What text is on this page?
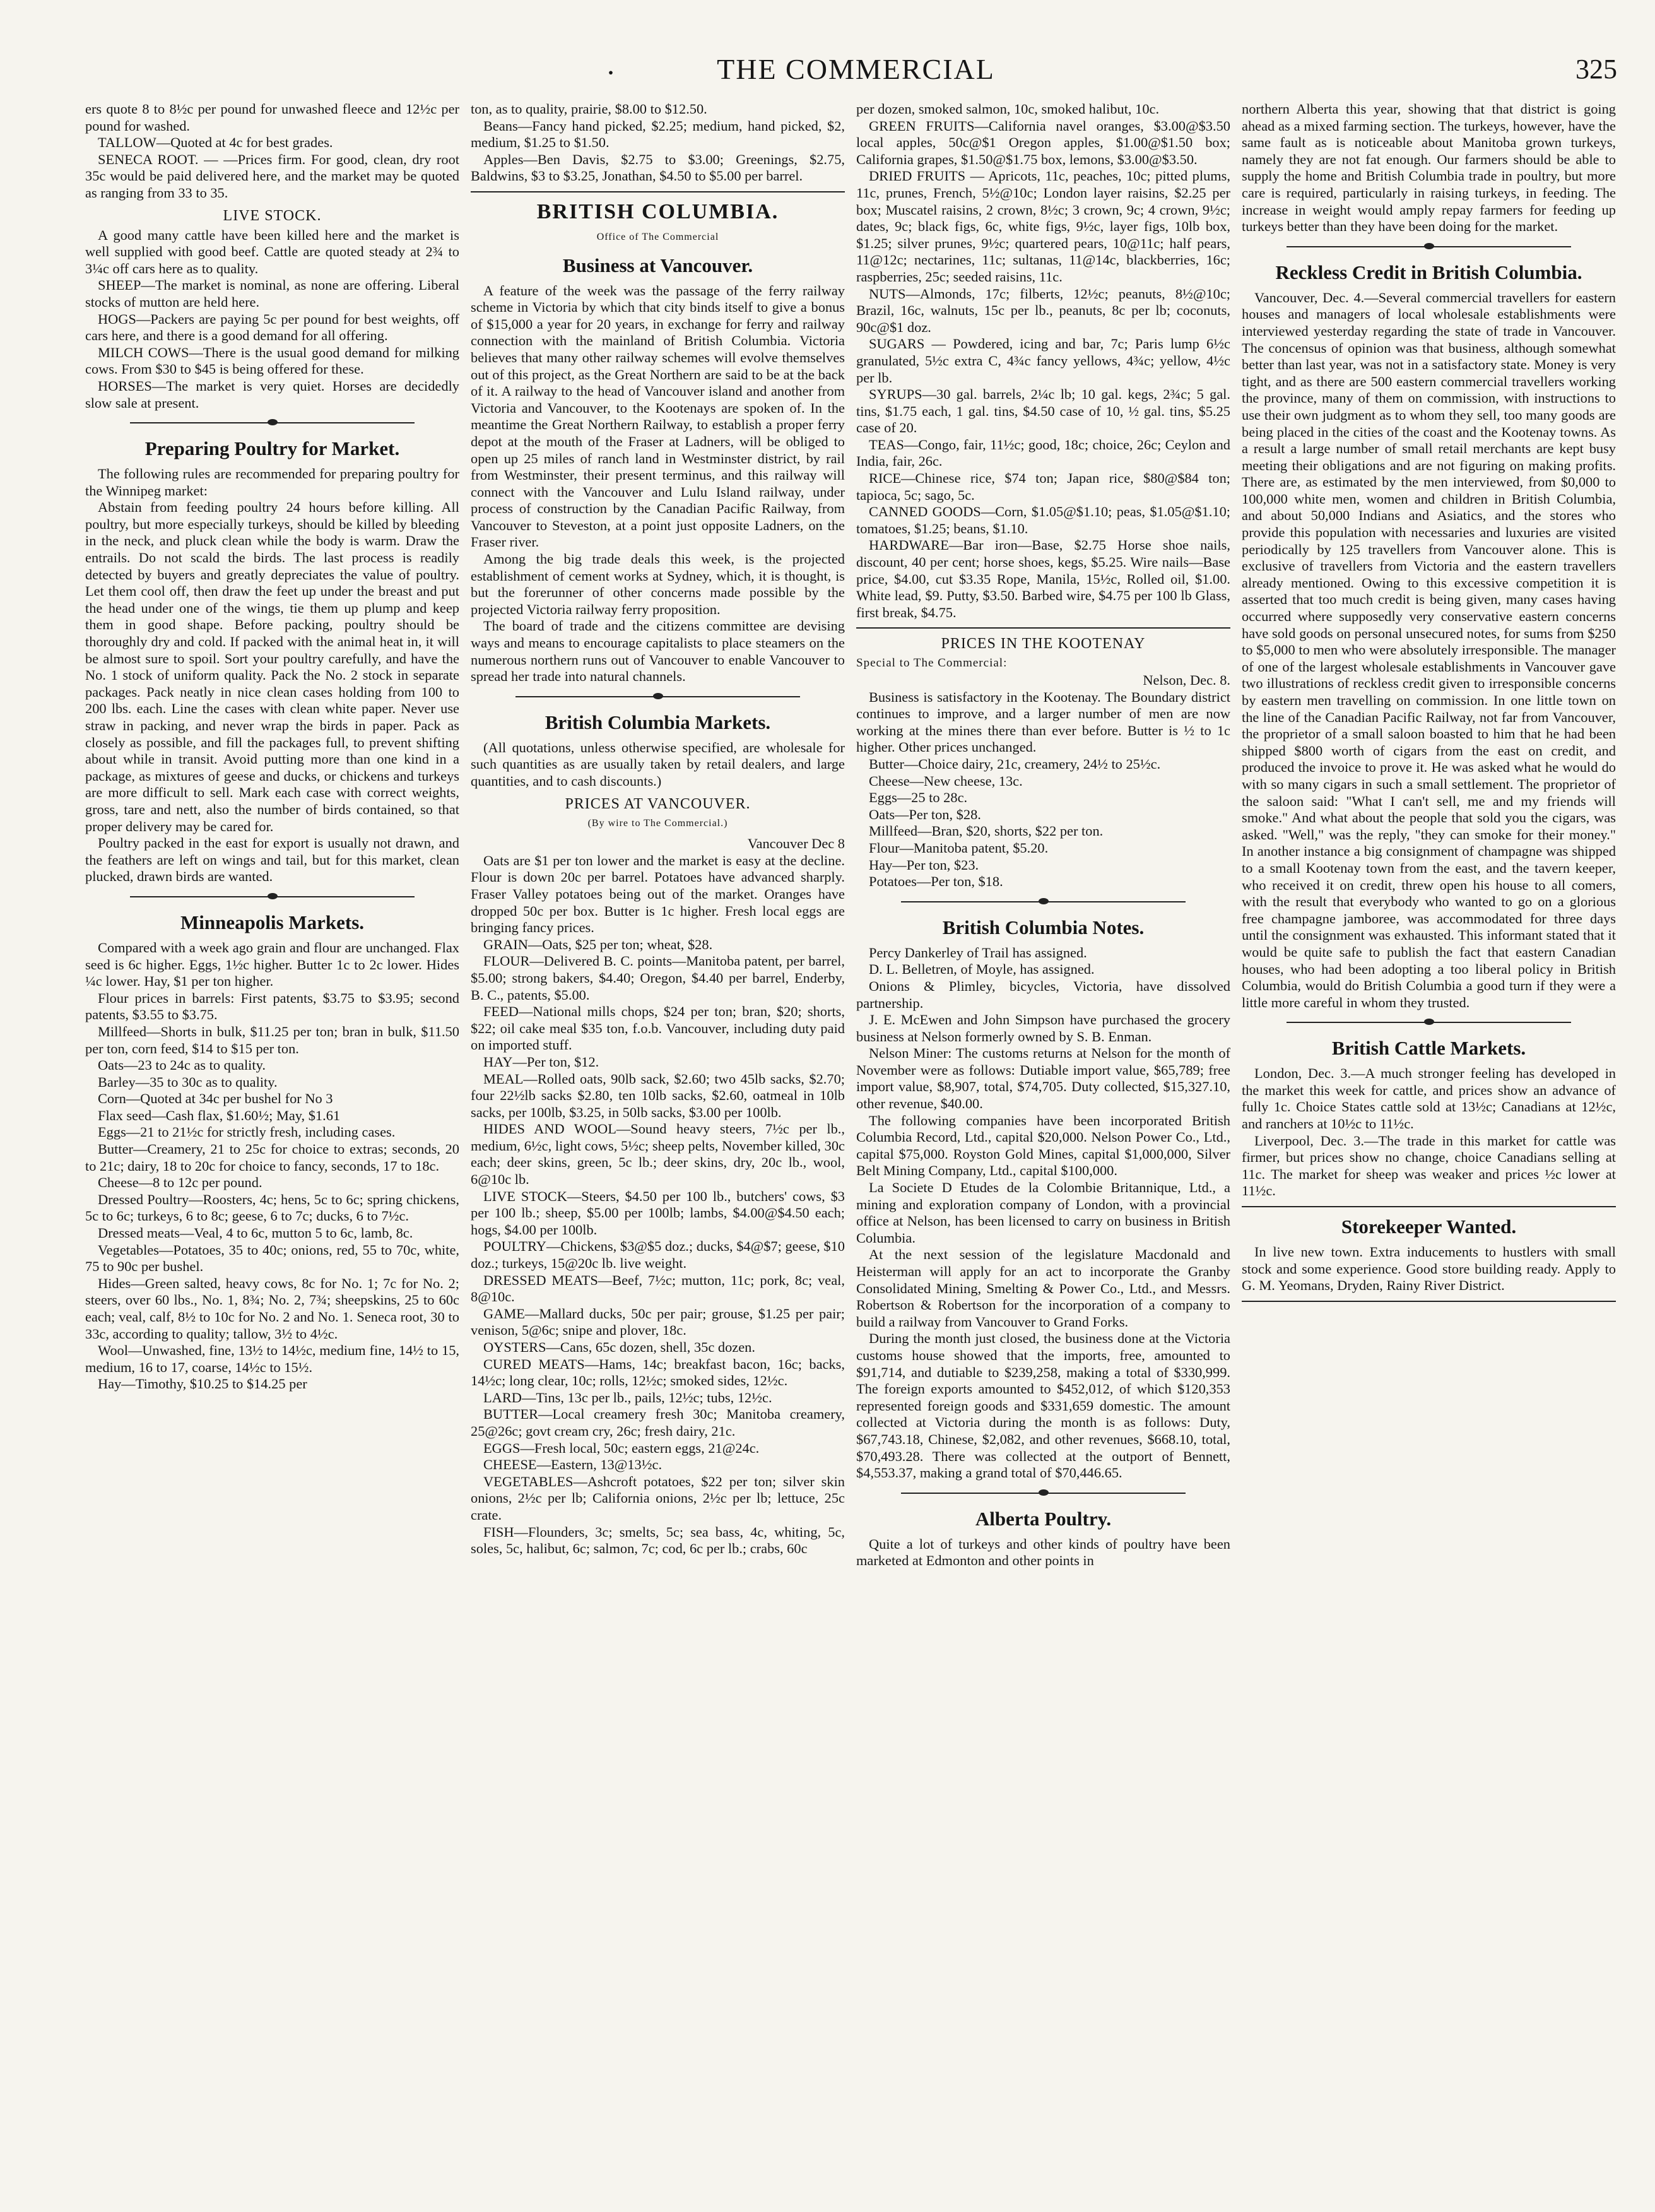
·	THE COMMERCIAL	325

ers quote 8 to 8½c per pound for unwashed fleece and 12½c per pound for washed.

TALLOW—Quoted at 4c for best grades.

SENECA ROOT. — —Prices firm. For good, clean, dry root 35c would be paid delivered here, and the market may be quoted as ranging from 33 to 35.

LIVE STOCK.

A good many cattle have been killed here and the market is well supplied with good beef. Cattle are quoted steady at 2¾ to 3¼c off cars here as to quality.

SHEEP—The market is nominal, as none are offering. Liberal stocks of mutton are held here.

HOGS—Packers are paying 5c per pound for best weights, off cars here, and there is a good demand for all offering.

MILCH COWS—There is the usual good demand for milking cows. From $30 to $45 is being offered for these.

HORSES—The market is very quiet. Horses are decidedly slow sale at present.

Preparing Poultry for Market.

The following rules are recommended for preparing poultry for the Winnipeg market:

Abstain from feeding poultry 24 hours before killing. All poultry, but more especially turkeys, should be killed by bleeding in the neck, and pluck clean while the body is warm. Draw the entrails. Do not scald the birds. The last process is readily detected by buyers and greatly depreciates the value of poultry. Let them cool off, then draw the feet up under the breast and put the head under one of the wings, tie them up plump and keep them in good shape. Before packing, poultry should be thoroughly dry and cold. If packed with the animal heat in, it will be almost sure to spoil. Sort your poultry carefully, and have the No. 1 stock of uniform quality. Pack the No. 2 stock in separate packages. Pack neatly in nice clean cases holding from 100 to 200 lbs. each. Line the cases with clean white paper. Never use straw in packing, and never wrap the birds in paper. Pack as closely as possible, and fill the packages full, to prevent shifting about while in transit. Avoid putting more than one kind in a package, as mixtures of geese and ducks, or chickens and turkeys are more difficult to sell. Mark each case with correct weights, gross, tare and nett, also the number of birds contained, so that proper delivery may be cared for.

Poultry packed in the east for export is usually not drawn, and the feathers are left on wings and tail, but for this market, clean plucked, drawn birds are wanted.

Minneapolis Markets.

Compared with a week ago grain and flour are unchanged. Flax seed is 6c higher. Eggs, 1½c higher. Butter 1c to 2c lower. Hides ¼c lower. Hay, $1 per ton higher.

Flour prices in barrels: First patents, $3.75 to $3.95; second patents, $3.55 to $3.75.

Millfeed—Shorts in bulk, $11.25 per ton; bran in bulk, $11.50 per ton, corn feed, $14 to $15 per ton.

Oats—23 to 24c as to quality.

Barley—35 to 30c as to quality.

Corn—Quoted at 34c per bushel for No 3

Flax seed—Cash flax, $1.60½; May, $1.61

Eggs—21 to 21½c for strictly fresh, including cases.

Butter—Creamery, 21 to 25c for choice to extras; seconds, 20 to 21c; dairy, 18 to 20c for choice to fancy, seconds, 17 to 18c.

Cheese—8 to 12c per pound.

Dressed Poultry—Roosters, 4c; hens, 5c to 6c; spring chickens, 5c to 6c; turkeys, 6 to 8c; geese, 6 to 7c; ducks, 6 to 7½c.

Dressed meats—Veal, 4 to 6c, mutton 5 to 6c, lamb, 8c.

Vegetables—Potatoes, 35 to 40c; onions, red, 55 to 70c, white, 75 to 90c per bushel.

Hides—Green salted, heavy cows, 8c for No. 1; 7c for No. 2; steers, over 60 lbs., No. 1, 8¾; No. 2, 7¾; sheepskins, 25 to 60c each; veal, calf, 8½ to 10c for No. 2 and No. 1. Seneca root, 30 to 33c, according to quality; tallow, 3½ to 4½c.

Wool—Unwashed, fine, 13½ to 14½c, medium fine, 14½ to 15, medium, 16 to 17, coarse, 14½c to 15½.

Hay—Timothy, $10.25 to $14.25 per

ton, as to quality, prairie, $8.00 to $12.50.

Beans—Fancy hand picked, $2.25; medium, hand picked, $2, medium, $1.25 to $1.50.

Apples—Ben Davis, $2.75 to $3.00; Greenings, $2.75, Baldwins, $3 to $3.25, Jonathan, $4.50 to $5.00 per barrel.

BRITISH COLUMBIA.
Office of The Commercial
Business at Vancouver.

A feature of the week was the passage of the ferry railway scheme in Victoria by which that city binds itself to give a bonus of $15,000 a year for 20 years, in exchange for ferry and railway connection with the mainland of British Columbia. Victoria believes that many other railway schemes will evolve themselves out of this project, as the Great Northern are said to be at the back of it. A railway to the head of Vancouver island and another from Victoria and Vancouver, to the Kootenays are spoken of. In the meantime the Great Northern Railway, to establish a proper ferry depot at the mouth of the Fraser at Ladners, will be obliged to open up 25 miles of ranch land in Westminster district, by rail from Westminster, their present terminus, and this railway will connect with the Vancouver and Lulu Island railway, under process of construction by the Canadian Pacific Railway, from Vancouver to Steveston, at a point just opposite Ladners, on the Fraser river.

Among the big trade deals this week, is the projected establishment of cement works at Sydney, which, it is thought, is but the forerunner of other concerns made possible by the projected Victoria railway ferry proposition.

The board of trade and the citizens committee are devising ways and means to encourage capitalists to place steamers on the numerous northern runs out of Vancouver to enable Vancouver to spread her trade into natural channels.

British Columbia Markets.

(All quotations, unless otherwise specified, are wholesale for such quantities as are usually taken by retail dealers, and large quantities, and to cash discounts.)

PRICES AT VANCOUVER.
(By wire to The Commercial.)

Vancouver Dec 8

Oats are $1 per ton lower and the market is easy at the decline. Flour is down 20c per barrel. Potatoes have advanced sharply. Fraser Valley potatoes being out of the market. Oranges have dropped 50c per box. Butter is 1c higher. Fresh local eggs are bringing fancy prices.

GRAIN—Oats, $25 per ton; wheat, $28.

FLOUR—Delivered B. C. points—Manitoba patent, per barrel, $5.00; strong bakers, $4.40; Oregon, $4.40 per barrel, Enderby, B. C., patents, $5.00.

FEED—National mills chops, $24 per ton; bran, $20; shorts, $22; oil cake meal $35 ton, f.o.b. Vancouver, including duty paid on imported stuff.

HAY—Per ton, $12.

MEAL—Rolled oats, 90lb sack, $2.60; two 45lb sacks, $2.70; four 22½lb sacks $2.80, ten 10lb sacks, $2.60, oatmeal in 10lb sacks, per 100lb, $3.25, in 50lb sacks, $3.00 per 100lb.

HIDES AND WOOL—Sound heavy steers, 7½c per lb., medium, 6½c, light cows, 5½c; sheep pelts, November killed, 30c each; deer skins, green, 5c lb.; deer skins, dry, 20c lb., wool, 6@10c lb.

LIVE STOCK—Steers, $4.50 per 100 lb., butchers' cows, $3 per 100 lb.; sheep, $5.00 per 100lb; lambs, $4.00@$4.50 each; hogs, $4.00 per 100lb.

POULTRY—Chickens, $3@$5 doz.; ducks, $4@$7; geese, $10 doz.; turkeys, 15@20c lb. live weight.

DRESSED MEATS—Beef, 7½c; mutton, 11c; pork, 8c; veal, 8@10c.

GAME—Mallard ducks, 50c per pair; grouse, $1.25 per pair; venison, 5@6c; snipe and plover, 18c.

OYSTERS—Cans, 65c dozen, shell, 35c dozen.

CURED MEATS—Hams, 14c; breakfast bacon, 16c; backs, 14½c; long clear, 10c; rolls, 12½c; smoked sides, 12½c.

LARD—Tins, 13c per lb., pails, 12½c; tubs, 12½c.

BUTTER—Local creamery fresh 30c; Manitoba creamery, 25@26c; govt cream cry, 26c; fresh dairy, 21c.

EGGS—Fresh local, 50c; eastern eggs, 21@24c.

CHEESE—Eastern, 13@13½c.

VEGETABLES—Ashcroft potatoes, $22 per ton; silver skin onions, 2½c per lb; California onions, 2½c per lb; lettuce, 25c crate.

FISH—Flounders, 3c; smelts, 5c; sea bass, 4c, whiting, 5c, soles, 5c, halibut, 6c; salmon, 7c; cod, 6c per lb.; crabs, 60c

per dozen, smoked salmon, 10c, smoked halibut, 10c.

GREEN FRUITS—California navel oranges, $3.00@$3.50 local apples, 50c@$1 Oregon apples, $1.00@$1.50 box; California grapes, $1.50@$1.75 box, lemons, $3.00@$3.50.

DRIED FRUITS — Apricots, 11c, peaches, 10c; pitted plums, 11c, prunes, French, 5½@10c; London layer raisins, $2.25 per box; Muscatel raisins, 2 crown, 8½c; 3 crown, 9c; 4 crown, 9½c; dates, 9c; black figs, 6c, white figs, 9½c, layer figs, 10lb box, $1.25; silver prunes, 9½c; quartered pears, 10@11c; half pears, 11@12c; nectarines, 11c; sultanas, 11@14c, blackberries, 16c; raspberries, 25c; seeded raisins, 11c.

NUTS—Almonds, 17c; filberts, 12½c; peanuts, 8½@10c; Brazil, 16c, walnuts, 15c per lb., peanuts, 8c per lb; coconuts, 90c@$1 doz.

SUGARS — Powdered, icing and bar, 7c; Paris lump 6½c granulated, 5½c extra C, 4¾c fancy yellows, 4¾c; yellow, 4½c per lb.

SYRUPS—30 gal. barrels, 2¼c lb; 10 gal. kegs, 2¾c; 5 gal. tins, $1.75 each, 1 gal. tins, $4.50 case of 10, ½ gal. tins, $5.25 case of 20.

TEAS—Congo, fair, 11½c; good, 18c; choice, 26c; Ceylon and India, fair, 26c.

RICE—Chinese rice, $74 ton; Japan rice, $80@$84 ton; tapioca, 5c; sago, 5c.

CANNED GOODS—Corn, $1.05@$1.10; peas, $1.05@$1.10; tomatoes, $1.25; beans, $1.10.

HARDWARE—Bar iron—Base, $2.75 Horse shoe nails, discount, 40 per cent; horse shoes, kegs, $5.25. Wire nails—Base price, $4.00, cut $3.35 Rope, Manila, 15½c, Rolled oil, $1.00. White lead, $9. Putty, $3.50. Barbed wire, $4.75 per 100 lb Glass, first break, $4.75.

PRICES IN THE KOOTENAY

Special to The Commercial:

Nelson, Dec. 8.

Business is satisfactory in the Kootenay. The Boundary district continues to improve, and a larger number of men are now working at the mines there than ever before. Butter is ½ to 1c higher. Other prices unchanged.

Butter—Choice dairy, 21c, creamery, 24½ to 25½c.

Cheese—New cheese, 13c.

Eggs—25 to 28c.

Oats—Per ton, $28.

Millfeed—Bran, $20, shorts, $22 per ton.

Flour—Manitoba patent, $5.20.

Hay—Per ton, $23.

Potatoes—Per ton, $18.

British Columbia Notes.

Percy Dankerley of Trail has assigned.

D. L. Belletren, of Moyle, has assigned.

Onions & Plimley, bicycles, Victoria, have dissolved partnership.

J. E. McEwen and John Simpson have purchased the grocery business at Nelson formerly owned by S. B. Enman.

Nelson Miner: The customs returns at Nelson for the month of November were as follows: Dutiable import value, $65,789; free import value, $8,907, total, $74,705. Duty collected, $15,327.10, other revenue, $40.00.

The following companies have been incorporated British Columbia Record, Ltd., capital $20,000. Nelson Power Co., Ltd., capital $75,000. Royston Gold Mines, capital $1,000,000, Silver Belt Mining Company, Ltd., capital $100,000.

La Societe D Etudes de la Colombie Britannique, Ltd., a mining and exploration company of London, with a provincial office at Nelson, has been licensed to carry on business in British Columbia.

At the next session of the legislature Macdonald and Heisterman will apply for an act to incorporate the Granby Consolidated Mining, Smelting & Power Co., Ltd., and Messrs. Robertson & Robertson for the incorporation of a company to build a railway from Vancouver to Grand Forks.

During the month just closed, the business done at the Victoria customs house showed that the imports, free, amounted to $91,714, and dutiable to $239,258, making a total of $330,999. The foreign exports amounted to $452,012, of which $120,353 represented foreign goods and $331,659 domestic. The amount collected at Victoria during the month is as follows: Duty, $67,743.18, Chinese, $2,082, and other revenues, $668.10, total, $70,493.28. There was collected at the outport of Bennett, $4,553.37, making a grand total of $70,446.65.

Alberta Poultry.

Quite a lot of turkeys and other kinds of poultry have been marketed at Edmonton and other points in

northern Alberta this year, showing that that district is going ahead as a mixed farming section. The turkeys, however, have the same fault as is noticeable about Manitoba grown turkeys, namely they are not fat enough. Our farmers should be able to supply the home and British Columbia trade in poultry, but more care is required, particularly in raising turkeys, in feeding. The increase in weight would amply repay farmers for feeding up turkeys better than they have been doing for the market.

Reckless Credit in British Columbia.

Vancouver, Dec. 4.—Several commercial travellers for eastern houses and managers of local wholesale establishments were interviewed yesterday regarding the state of trade in Vancouver. The concensus of opinion was that business, although somewhat better than last year, was not in a satisfactory state. Money is very tight, and as there are 500 eastern commercial travellers working the province, many of them on commission, with instructions to use their own judgment as to whom they sell, too many goods are being placed in the cities of the coast and the Kootenay towns. As a result a large number of small retail merchants are kept busy meeting their obligations and are not figuring on making profits. There are, as estimated by the men interviewed, from $0,000 to 100,000 white men, women and children in British Columbia, and about 50,000 Indians and Asiatics, and the stores who provide this population with necessaries and luxuries are visited periodically by 125 travellers from Vancouver alone. This is exclusive of travellers from Victoria and the eastern travellers already mentioned. Owing to this excessive competition it is asserted that too much credit is being given, many cases having occurred where supposedly very conservative eastern concerns have sold goods on personal unsecured notes, for sums from $250 to $5,000 to men who were absolutely irresponsible. The manager of one of the largest wholesale establishments in Vancouver gave two illustrations of reckless credit given to irresponsible concerns by eastern men travelling on commission. In one little town on the line of the Canadian Pacific Railway, not far from Vancouver, the proprietor of a small saloon boasted to him that he had been shipped $800 worth of cigars from the east on credit, and produced the invoice to prove it. He was asked what he would do with so many cigars in such a small settlement. The proprietor of the saloon said: "What I can't sell, me and my friends will smoke." And what about the people that sold you the cigars, was asked. "Well," was the reply, "they can smoke for their money." In another instance a big consignment of champagne was shipped to a small Kootenay town from the east, and the tavern keeper, who received it on credit, threw open his house to all comers, with the result that everybody who wanted to go on a glorious free champagne jamboree, was accommodated for three days until the consignment was exhausted. This informant stated that it would be quite safe to publish the fact that eastern Canadian houses, who had been adopting a too liberal policy in British Columbia, would do British Columbia a good turn if they were a little more careful in whom they trusted.

British Cattle Markets.

London, Dec. 3.—A much stronger feeling has developed in the market this week for cattle, and prices show an advance of fully 1c. Choice States cattle sold at 13½c; Canadians at 12½c, and ranchers at 10½c to 11½c.

Liverpool, Dec. 3.—The trade in this market for cattle was firmer, but prices show no change, choice Canadians selling at 11c. The market for sheep was weaker and prices ½c lower at 11½c.

Storekeeper Wanted.

In live new town. Extra inducements to hustlers with small stock and some experience. Good store building ready. Apply to G. M. Yeomans, Dryden, Rainy River District.
